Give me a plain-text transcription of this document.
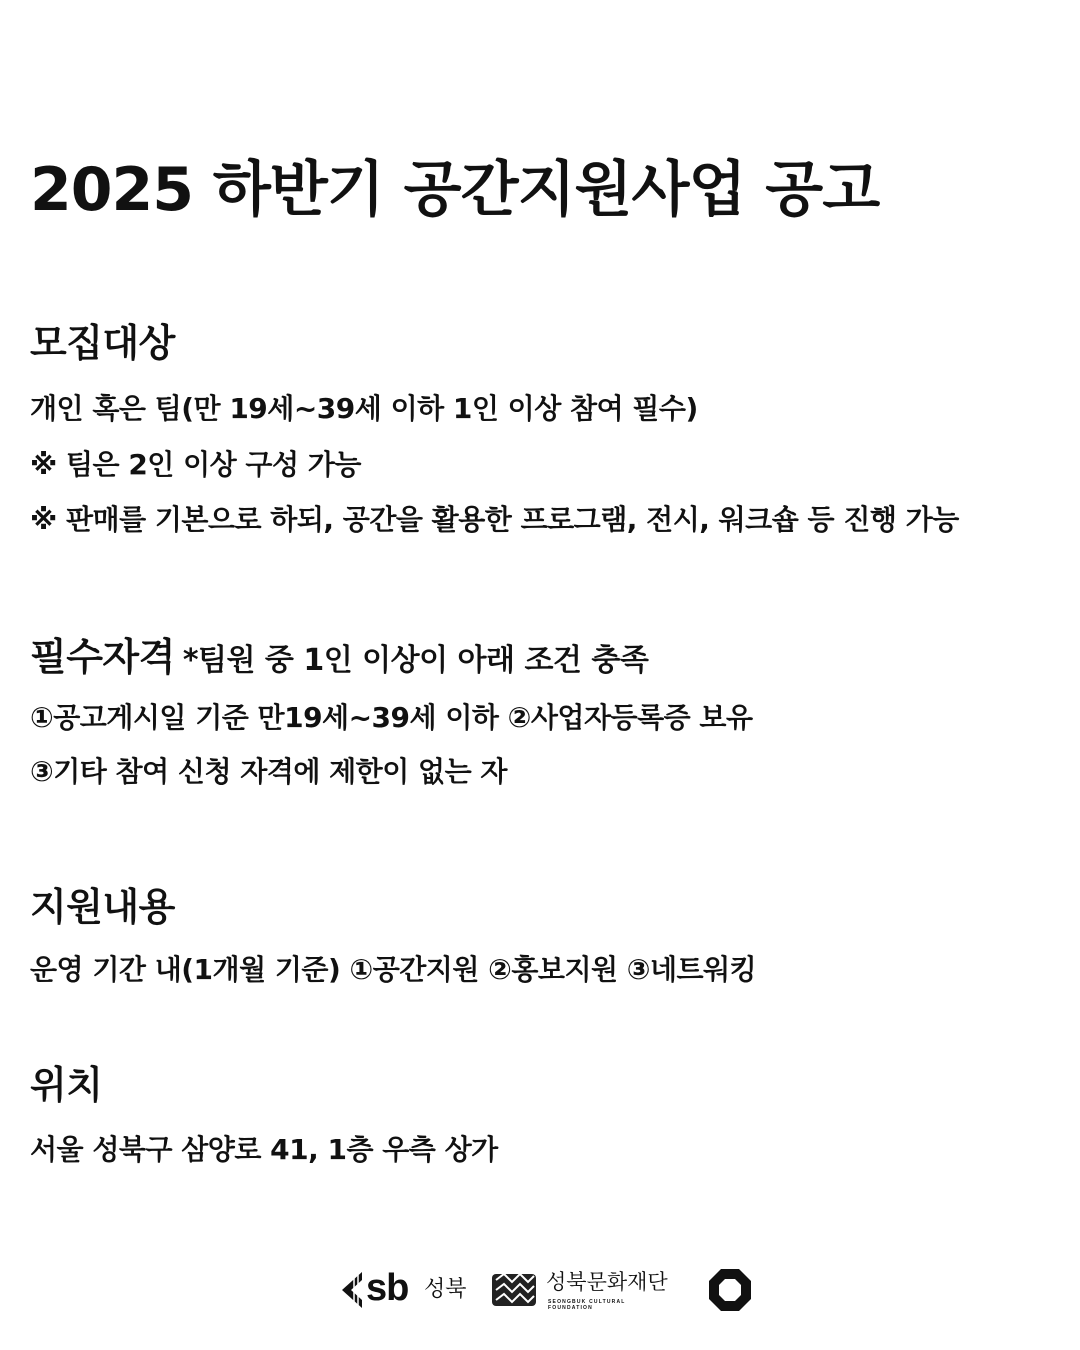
2025 하반기 공간지원사업 공고
모집대상
개인 혹은 팀(만 19세~39세 이하 1인 이상 참여 필수)
※ 팀은 2인 이상 구성 가능
※ 판매를 기본으로 하되, 공간을 활용한 프로그램, 전시, 워크숍 등 진행 가능
필수자격 *팀원 중 1인 이상이 아래 조건 충족
①공고게시일 기준 만19세~39세 이하 ②사업자등록증 보유
③기타 참여 신청 자격에 제한이 없는 자
지원내용
운영 기간 내(1개월 기준) ①공간지원 ②홍보지원 ③네트워킹
위치
서울 성북구 삼양로 41, 1층 우측 상가
sb 성북	성북문화재단
SEONGBUK CULTURAL FOUNDATION
